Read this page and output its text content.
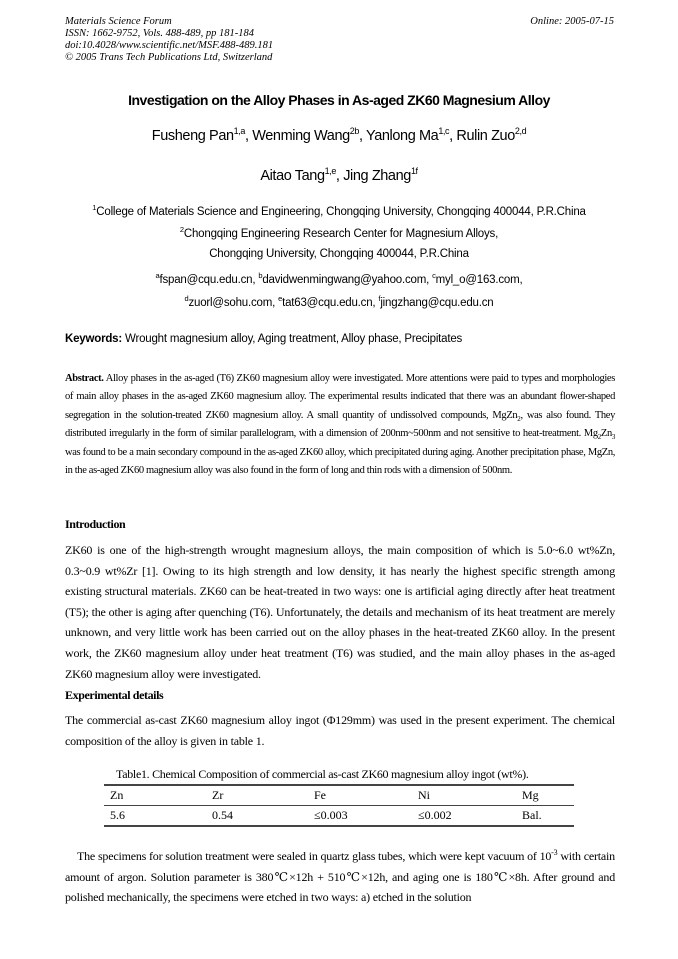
Materials Science Forum
ISSN: 1662-9752, Vols. 488-489, pp 181-184
doi:10.4028/www.scientific.net/MSF.488-489.181
© 2005 Trans Tech Publications Ltd, Switzerland
Online: 2005-07-15
Investigation on the Alloy Phases in As-aged ZK60 Magnesium Alloy
Fusheng Pan$^{1,a}$, Wenming Wang$^{2b}$, Yanlong Ma$^{1,c}$, Rulin Zuo$^{2,d}$
Aitao Tang$^{1,e}$, Jing Zhang$^{1f}$
$^1$College of Materials Science and Engineering, Chongqing University, Chongqing 400044, P.R.China
$^2$Chongqing Engineering Research Center for Magnesium Alloys,
Chongqing University, Chongqing 400044, P.R.China
$^a$fspan@cqu.edu.cn, $^b$davidwenmingwang@yahoo.com, $^c$myl_o@163.com,
$^d$zuorl@sohu.com, $^e$tat63@cqu.edu.cn, $^f$jingzhang@cqu.edu.cn
Keywords: Wrought magnesium alloy, Aging treatment, Alloy phase, Precipitates
Abstract. Alloy phases in the as-aged (T6) ZK60 magnesium alloy were investigated. More attentions were paid to types and morphologies of main alloy phases in the as-aged ZK60 magnesium alloy. The experimental results indicated that there was an abundant flower-shaped segregation in the solution-treated ZK60 magnesium alloy. A small quantity of undissolved compounds, MgZn$_2$, was also found. They distributed irregularly in the form of similar parallelogram, with a dimension of 200nm~500nm and not sensitive to heat-treatment. $Mg_2Zn_3$ was found to be a main secondary compound in the as-aged ZK60 alloy, which precipitated during aging. Another precipitation phase, MgZn, in the as-aged ZK60 magnesium alloy was also found in the form of long and thin rods with a dimension of 500nm.
Introduction
ZK60 is one of the high-strength wrought magnesium alloys, the main composition of which is 5.0~6.0 wt%Zn, 0.3~0.9 wt%Zr [1]. Owing to its high strength and low density, it has nearly the highest specific strength among existing structural materials. ZK60 can be heat-treated in two ways: one is artificial aging directly after heat treatment (T5); the other is aging after quenching (T6). Unfortunately, the details and mechanism of its heat treatment are merely unknown, and very little work has been carried out on the alloy phases in the heat-treated ZK60 alloy. In the present work, the ZK60 magnesium alloy under heat treatment (T6) was studied, and the main alloy phases in the as-aged ZK60 magnesium alloy were investigated.
Experimental details
The commercial as-cast ZK60 magnesium alloy ingot (Φ129mm) was used in the present experiment. The chemical composition of the alloy is given in table 1.
Table1. Chemical Composition of commercial as-cast ZK60 magnesium alloy ingot (wt%).
Zn	Zr	Fe	Ni	Mg
5.6	0.54	≤0.003	≤0.002	Bal.
The specimens for solution treatment were sealed in quartz glass tubes, which were kept vacuum of $10^{-3}$ with certain amount of argon. Solution parameter is 380℃×12h + 510℃×12h, and aging one is 180℃×8h. After ground and polished mechanically, the specimens were etched in two ways: a) etched in the solution
